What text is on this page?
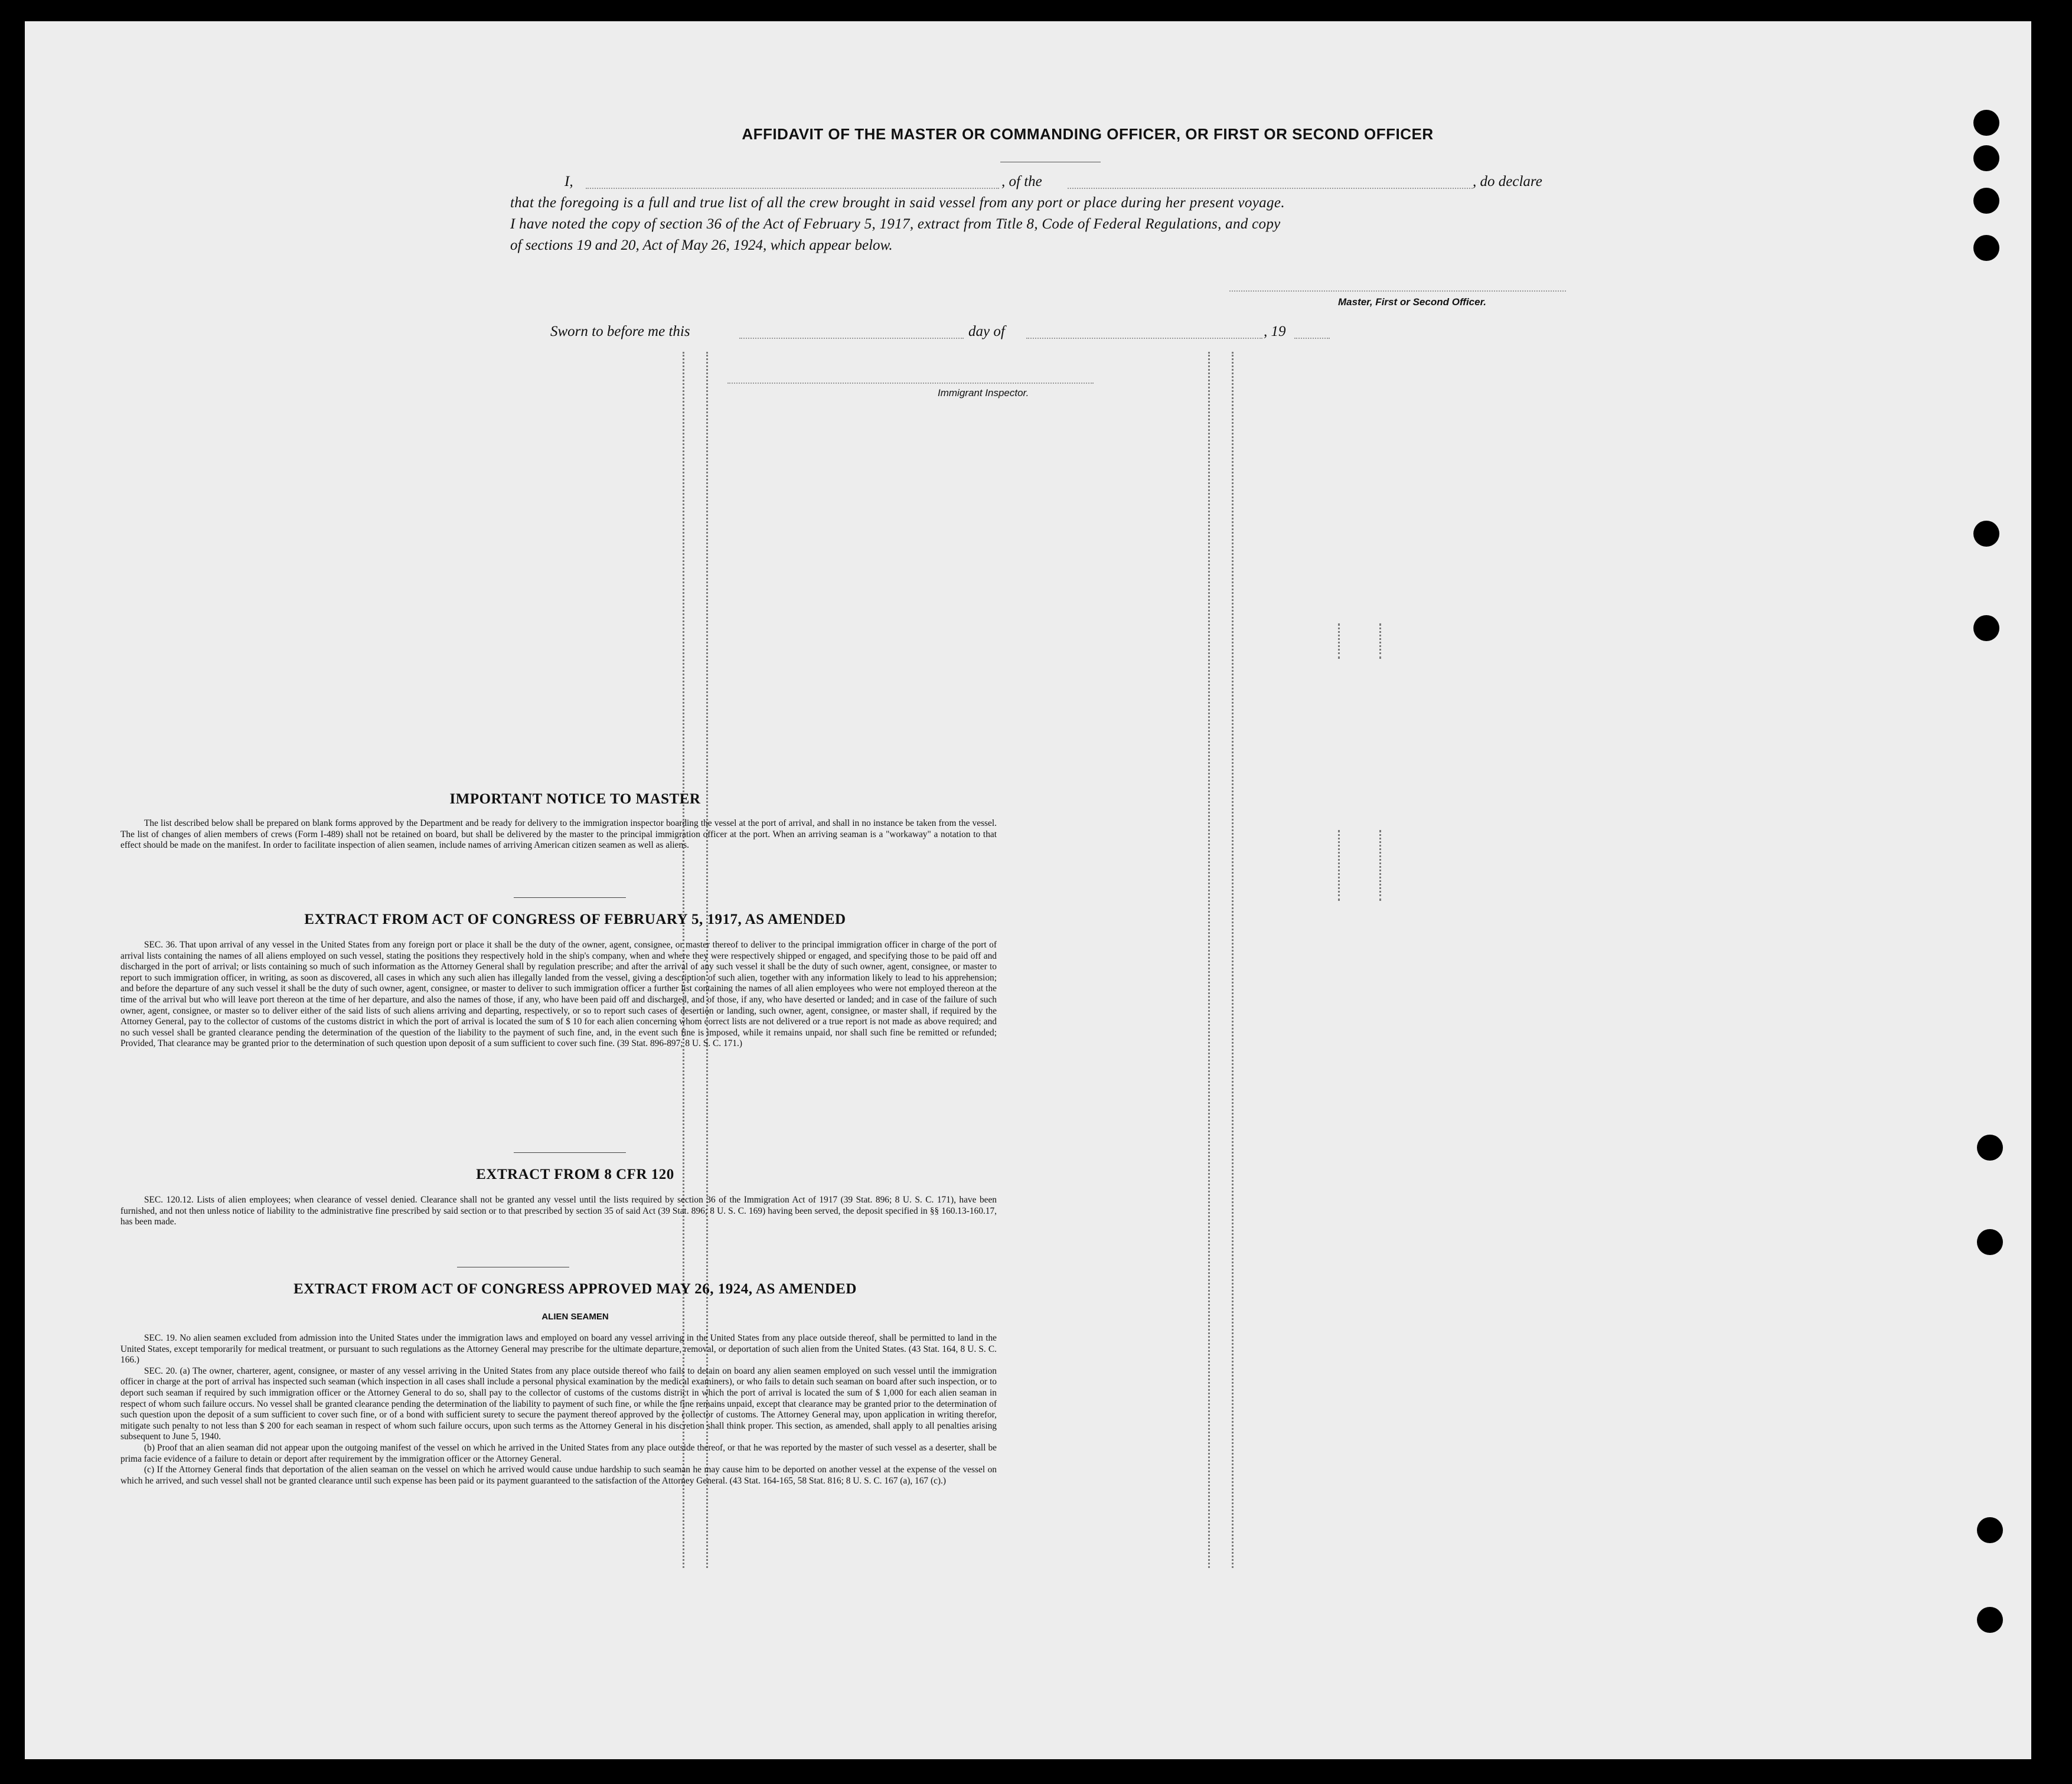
AFFIDAVIT OF THE MASTER OR COMMANDING OFFICER, OR FIRST OR SECOND OFFICER
I,	, of the	, do declare
that the foregoing is a full and true list of all the crew brought in said vessel from any port or place during her present voyage.
I have noted the copy of section 36 of the Act of February 5, 1917, extract from Title 8, Code of Federal Regulations, and copy
of sections 19 and 20, Act of May 26, 1924, which appear below.
Master, First or Second Officer.
Sworn to before me this	day of	, 19
Immigrant Inspector.
IMPORTANT NOTICE TO MASTER

The list described below shall be prepared on blank forms approved by the Department and be ready for delivery to the immigration inspector boarding the vessel at the port of arrival, and shall in no instance be taken from the vessel. The list of changes of alien members of crews (Form I-489) shall not be retained on board, but shall be delivered by the master to the principal immigration officer at the port. When an arriving seaman is a "workaway" a notation to that effect should be made on the manifest. In order to facilitate inspection of alien seamen, include names of arriving American citizen seamen as well as aliens.

EXTRACT FROM ACT OF CONGRESS OF FEBRUARY 5, 1917, AS AMENDED

SEC. 36. That upon arrival of any vessel in the United States from any foreign port or place it shall be the duty of the owner, agent, consignee, or master thereof to deliver to the principal immigration officer in charge of the port of arrival lists containing the names of all aliens employed on such vessel, stating the positions they respectively hold in the ship's company, when and where they were respectively shipped or engaged, and specifying those to be paid off and discharged in the port of arrival; or lists containing so much of such information as the Attorney General shall by regulation prescribe; and after the arrival of any such vessel it shall be the duty of such owner, agent, consignee, or master to report to such immigration officer, in writing, as soon as discovered, all cases in which any such alien has illegally landed from the vessel, giving a description of such alien, together with any information likely to lead to his apprehension; and before the departure of any such vessel it shall be the duty of such owner, agent, consignee, or master to deliver to such immigration officer a further list containing the names of all alien employees who were not employed thereon at the time of the arrival but who will leave port thereon at the time of her departure, and also the names of those, if any, who have been paid off and discharged, and of those, if any, who have deserted or landed; and in case of the failure of such owner, agent, consignee, or master so to deliver either of the said lists of such aliens arriving and departing, respectively, or so to report such cases of desertion or landing, such owner, agent, consignee, or master shall, if required by the Attorney General, pay to the collector of customs of the customs district in which the port of arrival is located the sum of $ 10 for each alien concerning whom correct lists are not delivered or a true report is not made as above required; and no such vessel shall be granted clearance pending the determination of the question of the liability to the payment of such fine, and, in the event such fine is imposed, while it remains unpaid, nor shall such fine be remitted or refunded; Provided, That clearance may be granted prior to the determination of such question upon deposit of a sum sufficient to cover such fine. (39 Stat. 896-897; 8 U. S. C. 171.)

EXTRACT FROM 8 CFR 120

SEC. 120.12. Lists of alien employees; when clearance of vessel denied. Clearance shall not be granted any vessel until the lists required by section 36 of the Immigration Act of 1917 (39 Stat. 896; 8 U. S. C. 171), have been furnished, and not then unless notice of liability to the administrative fine prescribed by said section or to that prescribed by section 35 of said Act (39 Stat. 896; 8 U. S. C. 169) having been served, the deposit specified in §§ 160.13-160.17, has been made.

EXTRACT FROM ACT OF CONGRESS APPROVED MAY 26, 1924, AS AMENDED
ALIEN SEAMEN

SEC. 19. No alien seamen excluded from admission into the United States under the immigration laws and employed on board any vessel arriving in the United States from any place outside thereof, shall be permitted to land in the United States, except temporarily for medical treatment, or pursuant to such regulations as the Attorney General may prescribe for the ultimate departure, removal, or deportation of such alien from the United States. (43 Stat. 164, 8 U. S. C. 166.)

SEC. 20. (a) The owner, charterer, agent, consignee, or master of any vessel arriving in the United States from any place outside thereof who fails to detain on board any alien seamen employed on such vessel until the immigration officer in charge at the port of arrival has inspected such seaman (which inspection in all cases shall include a personal physical examination by the medical examiners), or who fails to detain such seaman on board after such inspection, or to deport such seaman if required by such immigration officer or the Attorney General to do so, shall pay to the collector of customs of the customs district in which the port of arrival is located the sum of $ 1,000 for each alien seaman in respect of whom such failure occurs. No vessel shall be granted clearance pending the determination of the liability to payment of such fine, or while the fine remains unpaid, except that clearance may be granted prior to the determination of such question upon the deposit of a sum sufficient to cover such fine, or of a bond with sufficient surety to secure the payment thereof approved by the collector of customs. The Attorney General may, upon application in writing therefor, mitigate such penalty to not less than $ 200 for each seaman in respect of whom such failure occurs, upon such terms as the Attorney General in his discretion shall think proper. This section, as amended, shall apply to all penalties arising subsequent to June 5, 1940.

(b) Proof that an alien seaman did not appear upon the outgoing manifest of the vessel on which he arrived in the United States from any place outside thereof, or that he was reported by the master of such vessel as a deserter, shall be prima facie evidence of a failure to detain or deport after requirement by the immigration officer or the Attorney General.

(c) If the Attorney General finds that deportation of the alien seaman on the vessel on which he arrived would cause undue hardship to such seaman he may cause him to be deported on another vessel at the expense of the vessel on which he arrived, and such vessel shall not be granted clearance until such expense has been paid or its payment guaranteed to the satisfaction of the Attorney General. (43 Stat. 164-165, 58 Stat. 816; 8 U. S. C. 167 (a), 167 (c).)
